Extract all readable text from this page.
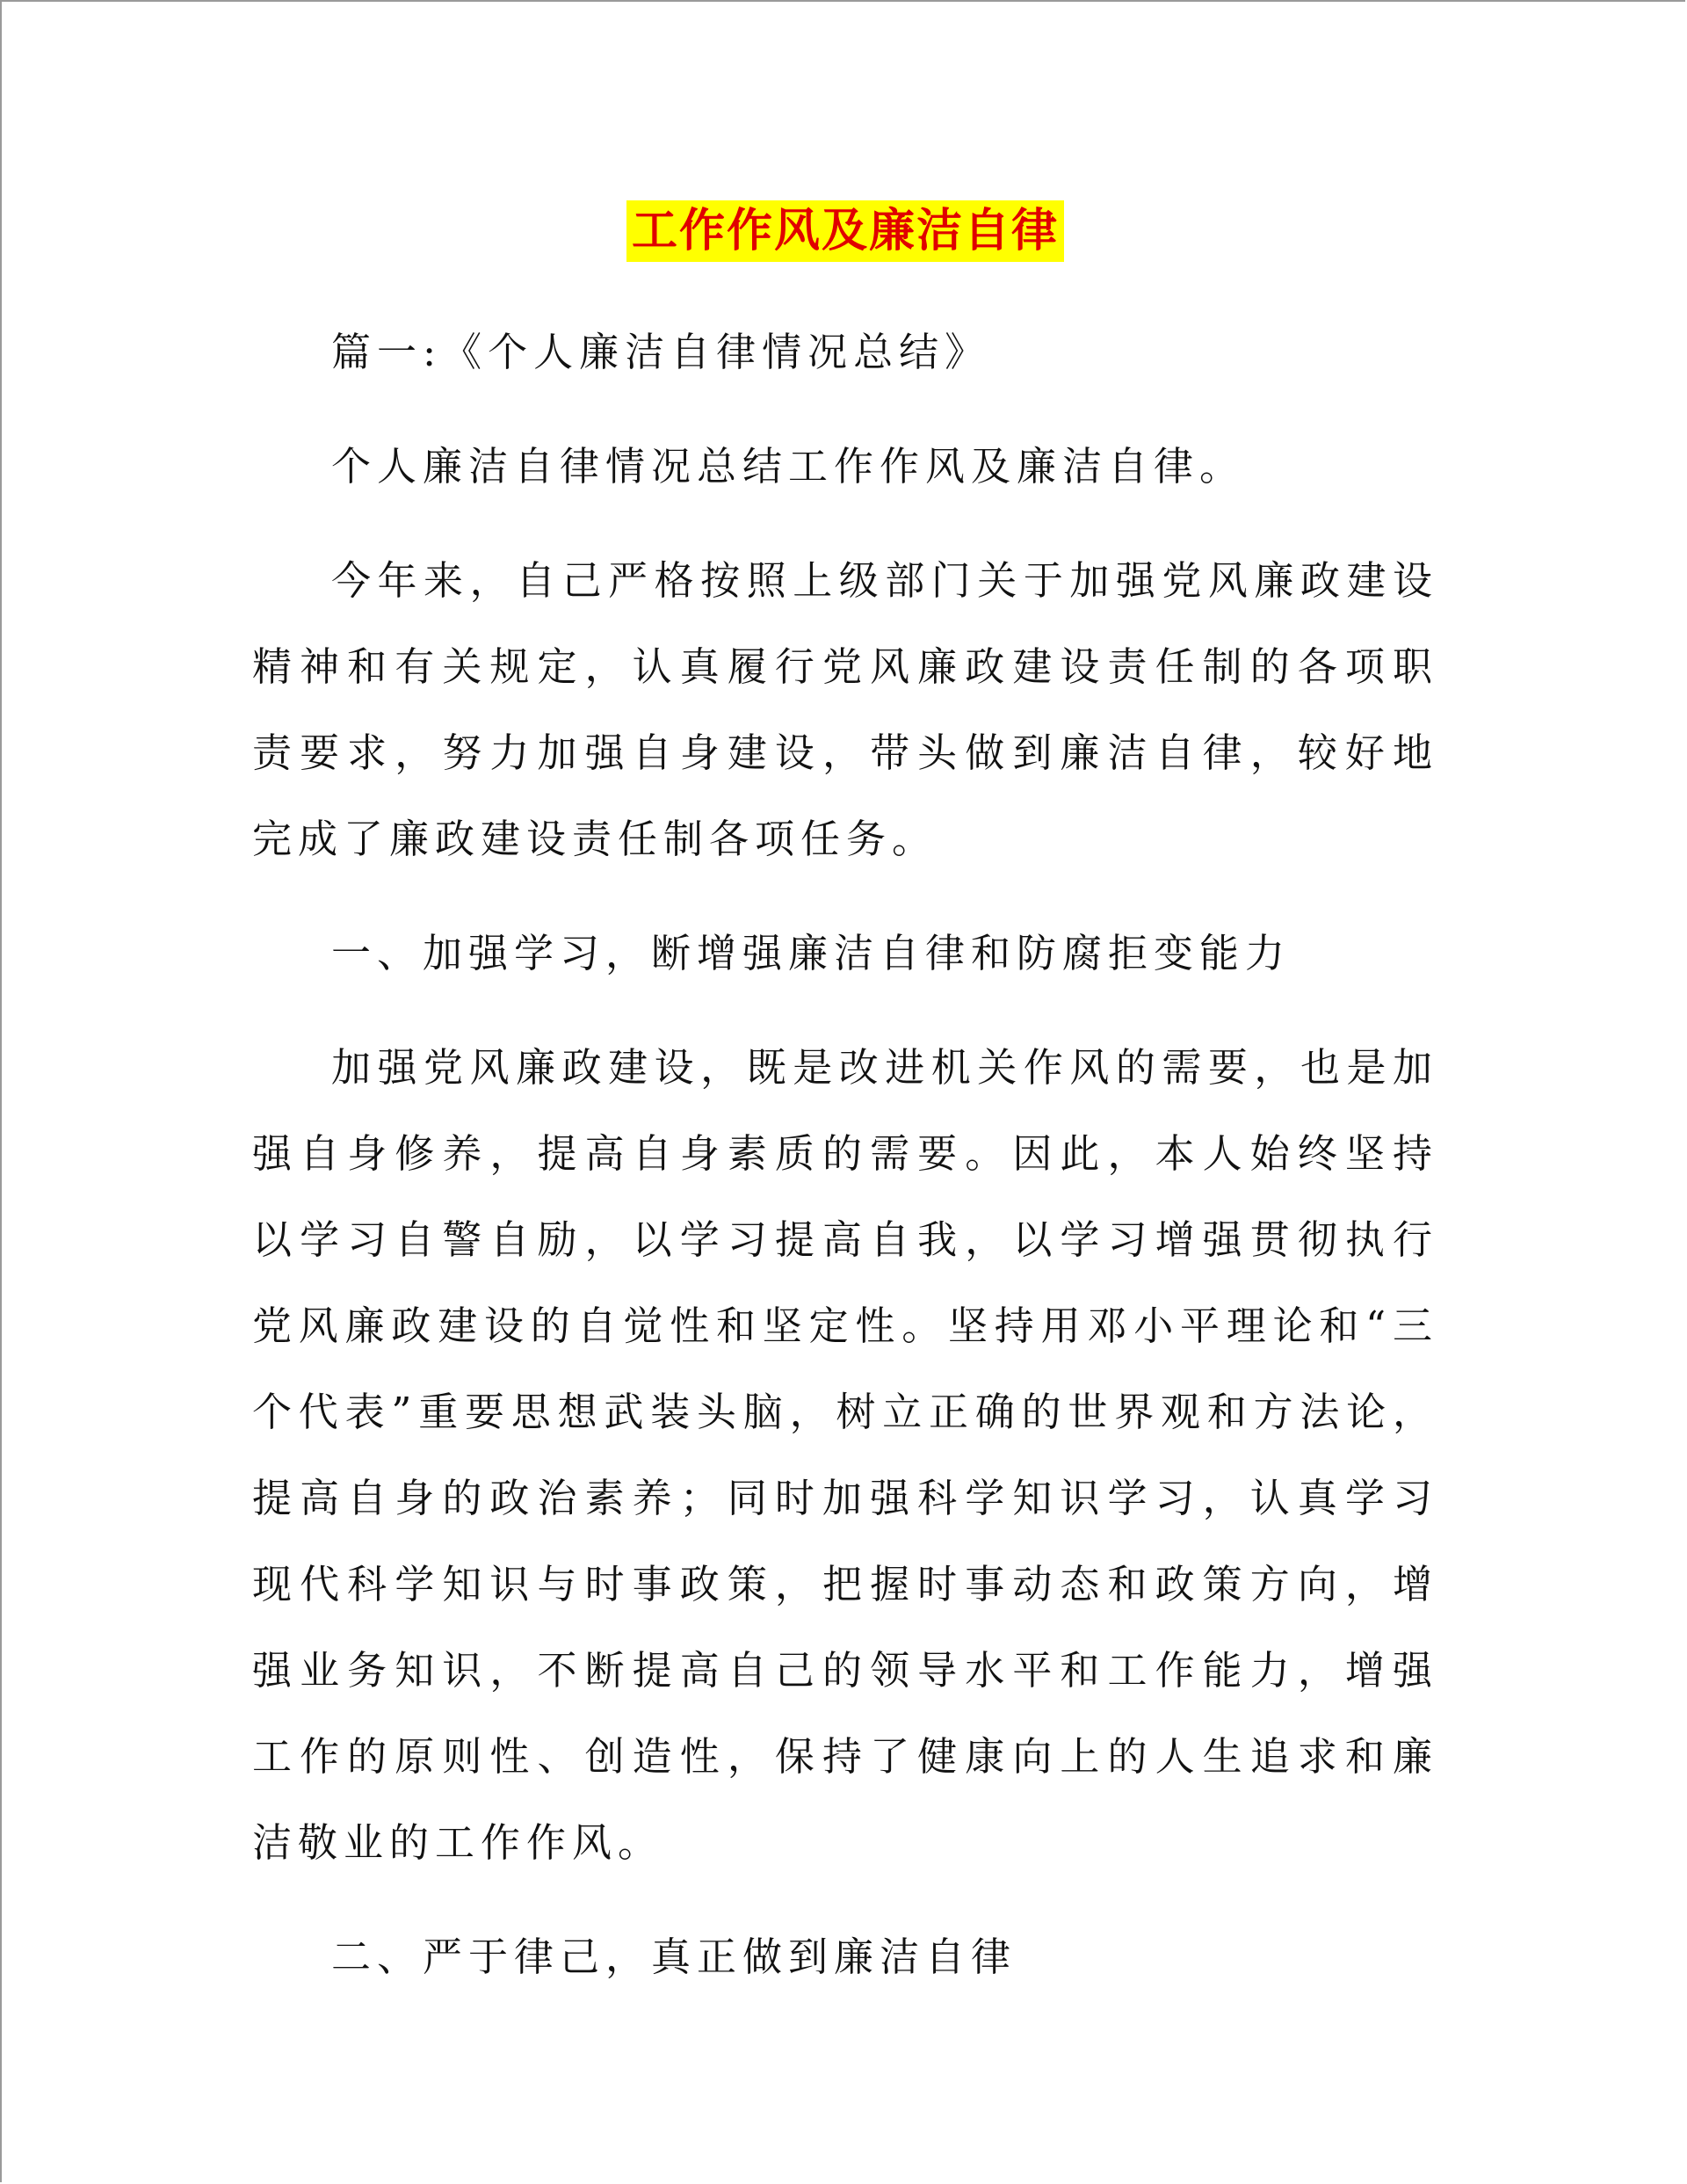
工作作风及廉洁自律

篇一:《个人廉洁自律情况总结》

个人廉洁自律情况总结工作作风及廉洁自律。

今年来，自己严格按照上级部门关于加强党风廉政建设精神和有关规定，认真履行党风廉政建设责任制的各项职责要求，努力加强自身建设，带头做到廉洁自律，较好地完成了廉政建设责任制各项任务。

一、加强学习，断增强廉洁自律和防腐拒变能力

加强党风廉政建设，既是改进机关作风的需要，也是加强自身修养，提高自身素质的需要。因此，本人始终坚持以学习自警自励，以学习提高自我，以学习增强贯彻执行党风廉政建设的自觉性和坚定性。坚持用邓小平理论和“三个代表”重要思想武装头脑，树立正确的世界观和方法论，提高自身的政治素养；同时加强科学知识学习，认真学习现代科学知识与时事政策，把握时事动态和政策方向，增强业务知识，不断提高自己的领导水平和工作能力，增强工作的原则性、创造性，保持了健康向上的人生追求和廉洁敬业的工作作风。

二、严于律己，真正做到廉洁自律
